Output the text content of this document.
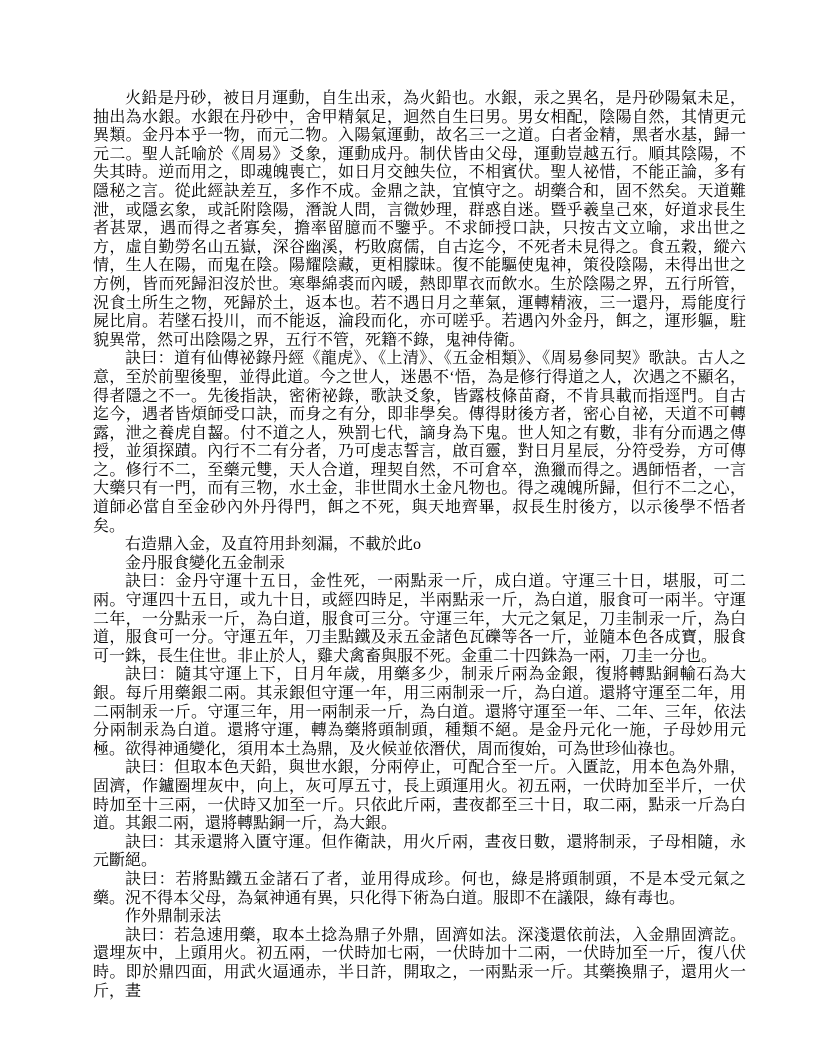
火鉛是丹砂，被日月運動，自生出汞，為火鉛也。水銀，汞之異名，是丹砂陽氣未足，抽出為水銀。水銀在丹砂中，舍甲精氣足，迴然自生曰男。男女相配，陰陽自然，其情更元異類。金丹本乎一物，而元二物。入陽氣運動，故名三一之道。白者金精，黑者水基，歸一元二。聖人託喻於《周易》爻象，運動成丹。制伏皆由父母，運動豈越五行。順其陰陽，不失其時。逆而用之，即魂魄喪亡，如日月交蝕失位，不相賓伏。聖人祕惜，不能正論，多有隱秘之言。從此經訣差互，多作不成。金鼎之訣，宜慎守之。胡藥合和，固不然矣。天道難泄，或隱玄象，或託附陰陽，潛說人問，言微妙理，群惑自迷。暨乎羲皇己來，好道求長生者甚眾，遇而得之者寡矣，擔率留臆而不鑒乎。不求師授口訣，只按古文立喻，求出世之方，虛自勤勞名山五嶽，深谷幽溪，朽敗腐儒，自古迄今，不死者未見得之。食五穀，縱六情，生人在陽，而鬼在陰。陽耀陰藏，更相朦昧。復不能驅使鬼神，策役陰陽，未得出世之方例，皆而死歸汩沒於世。寒舉綿裘而內暖，熱即單衣而飲水。生於陰陽之界，五行所管，況食土所生之物，死歸於土，返本也。若不遇日月之華氣，運轉精液，三一還丹，焉能度行屍比肩。若墜石投川，而不能返，淪段而化，亦可嗟乎。若遇內外金丹，餌之，運形軀，駐貌異常，然可出陰陽之界，五行不管，死籍不錄，鬼神侍衛。

訣曰：道有仙傳祕錄丹經《龍虎》、《上清》、《五金相類》、《周易參同契》歌訣。古人之意，至於前聖後聖，並得此道。今之世人，迷愚不‘悟，為是修行得道之人，次遇之不顯名，得者隱之不一。先後指訣，密術祕錄，歌訣爻象，皆露枝條苗裔，不肯具載而指逕門。自古迄今，遇者皆煩師受口訣，而身之有分，即非學矣。傳得財後方者，密心自祕，天道不可轉露，泄之養虎自齧。付不道之人，殃罰七代，謫身為下鬼。世人知之有數，非有分而遇之傳授，並須探蹟。內行不二有分者，乃可虔志誓言，啟百靈，對日月星辰，分符受券，方可傳之。修行不二，至藥元雙，天人合道，理契自然，不可倉卒，漁獵而得之。遇師悟者，一言大藥只有一門，而有三物，水土金，非世間水土金凡物也。得之魂魄所歸，但行不二之心，道師必當自至金砂內外丹得門，餌之不死，與天地齊畢，叔長生肘後方，以示後學不悟者矣。

右造鼎入金，及直符用卦刻漏，不載於此o

金丹服食變化五金制汞

訣曰：金丹守運十五日，金性死，一兩點汞一斤，成白道。守運三十日，堪服，可二兩。守運四十五日，或九十日，或經四時足，半兩點汞一斤，為白道，服食可一兩半。守運二年，一分點汞一斤，為白道，服食可三分。守運三年，大元之氣足，刀圭制汞一斤，為白道，服食可一分。守運五年，刀圭點鐵及汞五金諸色瓦礫等各一斤，並隨本色各成寶，服食可一銖，長生住世。非止於人，雞犬禽畜與服不死。金重二十四銖為一兩，刀圭一分也。

訣曰：隨其守運上下，日月年歲，用藥多少，制汞斤兩為金銀，復將轉點銅輸石為大銀。每斤用藥銀二兩。其汞銀但守運一年，用三兩制汞一斤，為白道。還將守運至二年，用二兩制汞一斤。守運三年，用一兩制汞一斤，為白道。還將守運至一年、二年、三年，依法分兩制汞為白道。還將守運，轉為藥將頭制頭，種類不絕。是金丹元化一施，子母妙用元極。欲得神通變化，須用本土為鼎，及火候並依潛伏，周而復始，可為世珍仙祿也。

訣曰：但取本色天鉛，與世水銀，分兩停止，可配合至一斤。入匱訖，用本色為外鼎，固濟，作鑪圈埋灰中，向上，灰可厚五寸，長上頭運用火。初五兩，一伏時加至半斤，一伏時加至十三兩，一伏時又加至一斤。只依此斤兩，晝夜都至三十日，取二兩，點汞一斤為白道。其銀二兩，還將轉點銅一斤，為大銀。

訣曰：其汞還將入匱守運。但作衛訣，用火斤兩，晝夜日數，還將制汞，子母相隨，永元斷絕。

訣曰：若將點鐵五金諸石了者，並用得成珍。何也，綠是將頭制頭，不是本受元氣之藥。況不得本父母，為氣神通有異，只化得下術為白道。服即不在議限，綠有毒也。

作外鼎制汞法

訣曰：若急速用藥，取本土捻為鼎子外鼎，固濟如法。深淺還依前法，入金鼎固濟訖。還埋灰中，上頭用火。初五兩，一伏時加七兩，一伏時加十二兩，一伏時加至一斤，復八伏時。即於鼎四面，用武火逼通赤，半日許，開取之，一兩點汞一斤。其藥換鼎子，還用火一斤，晝
